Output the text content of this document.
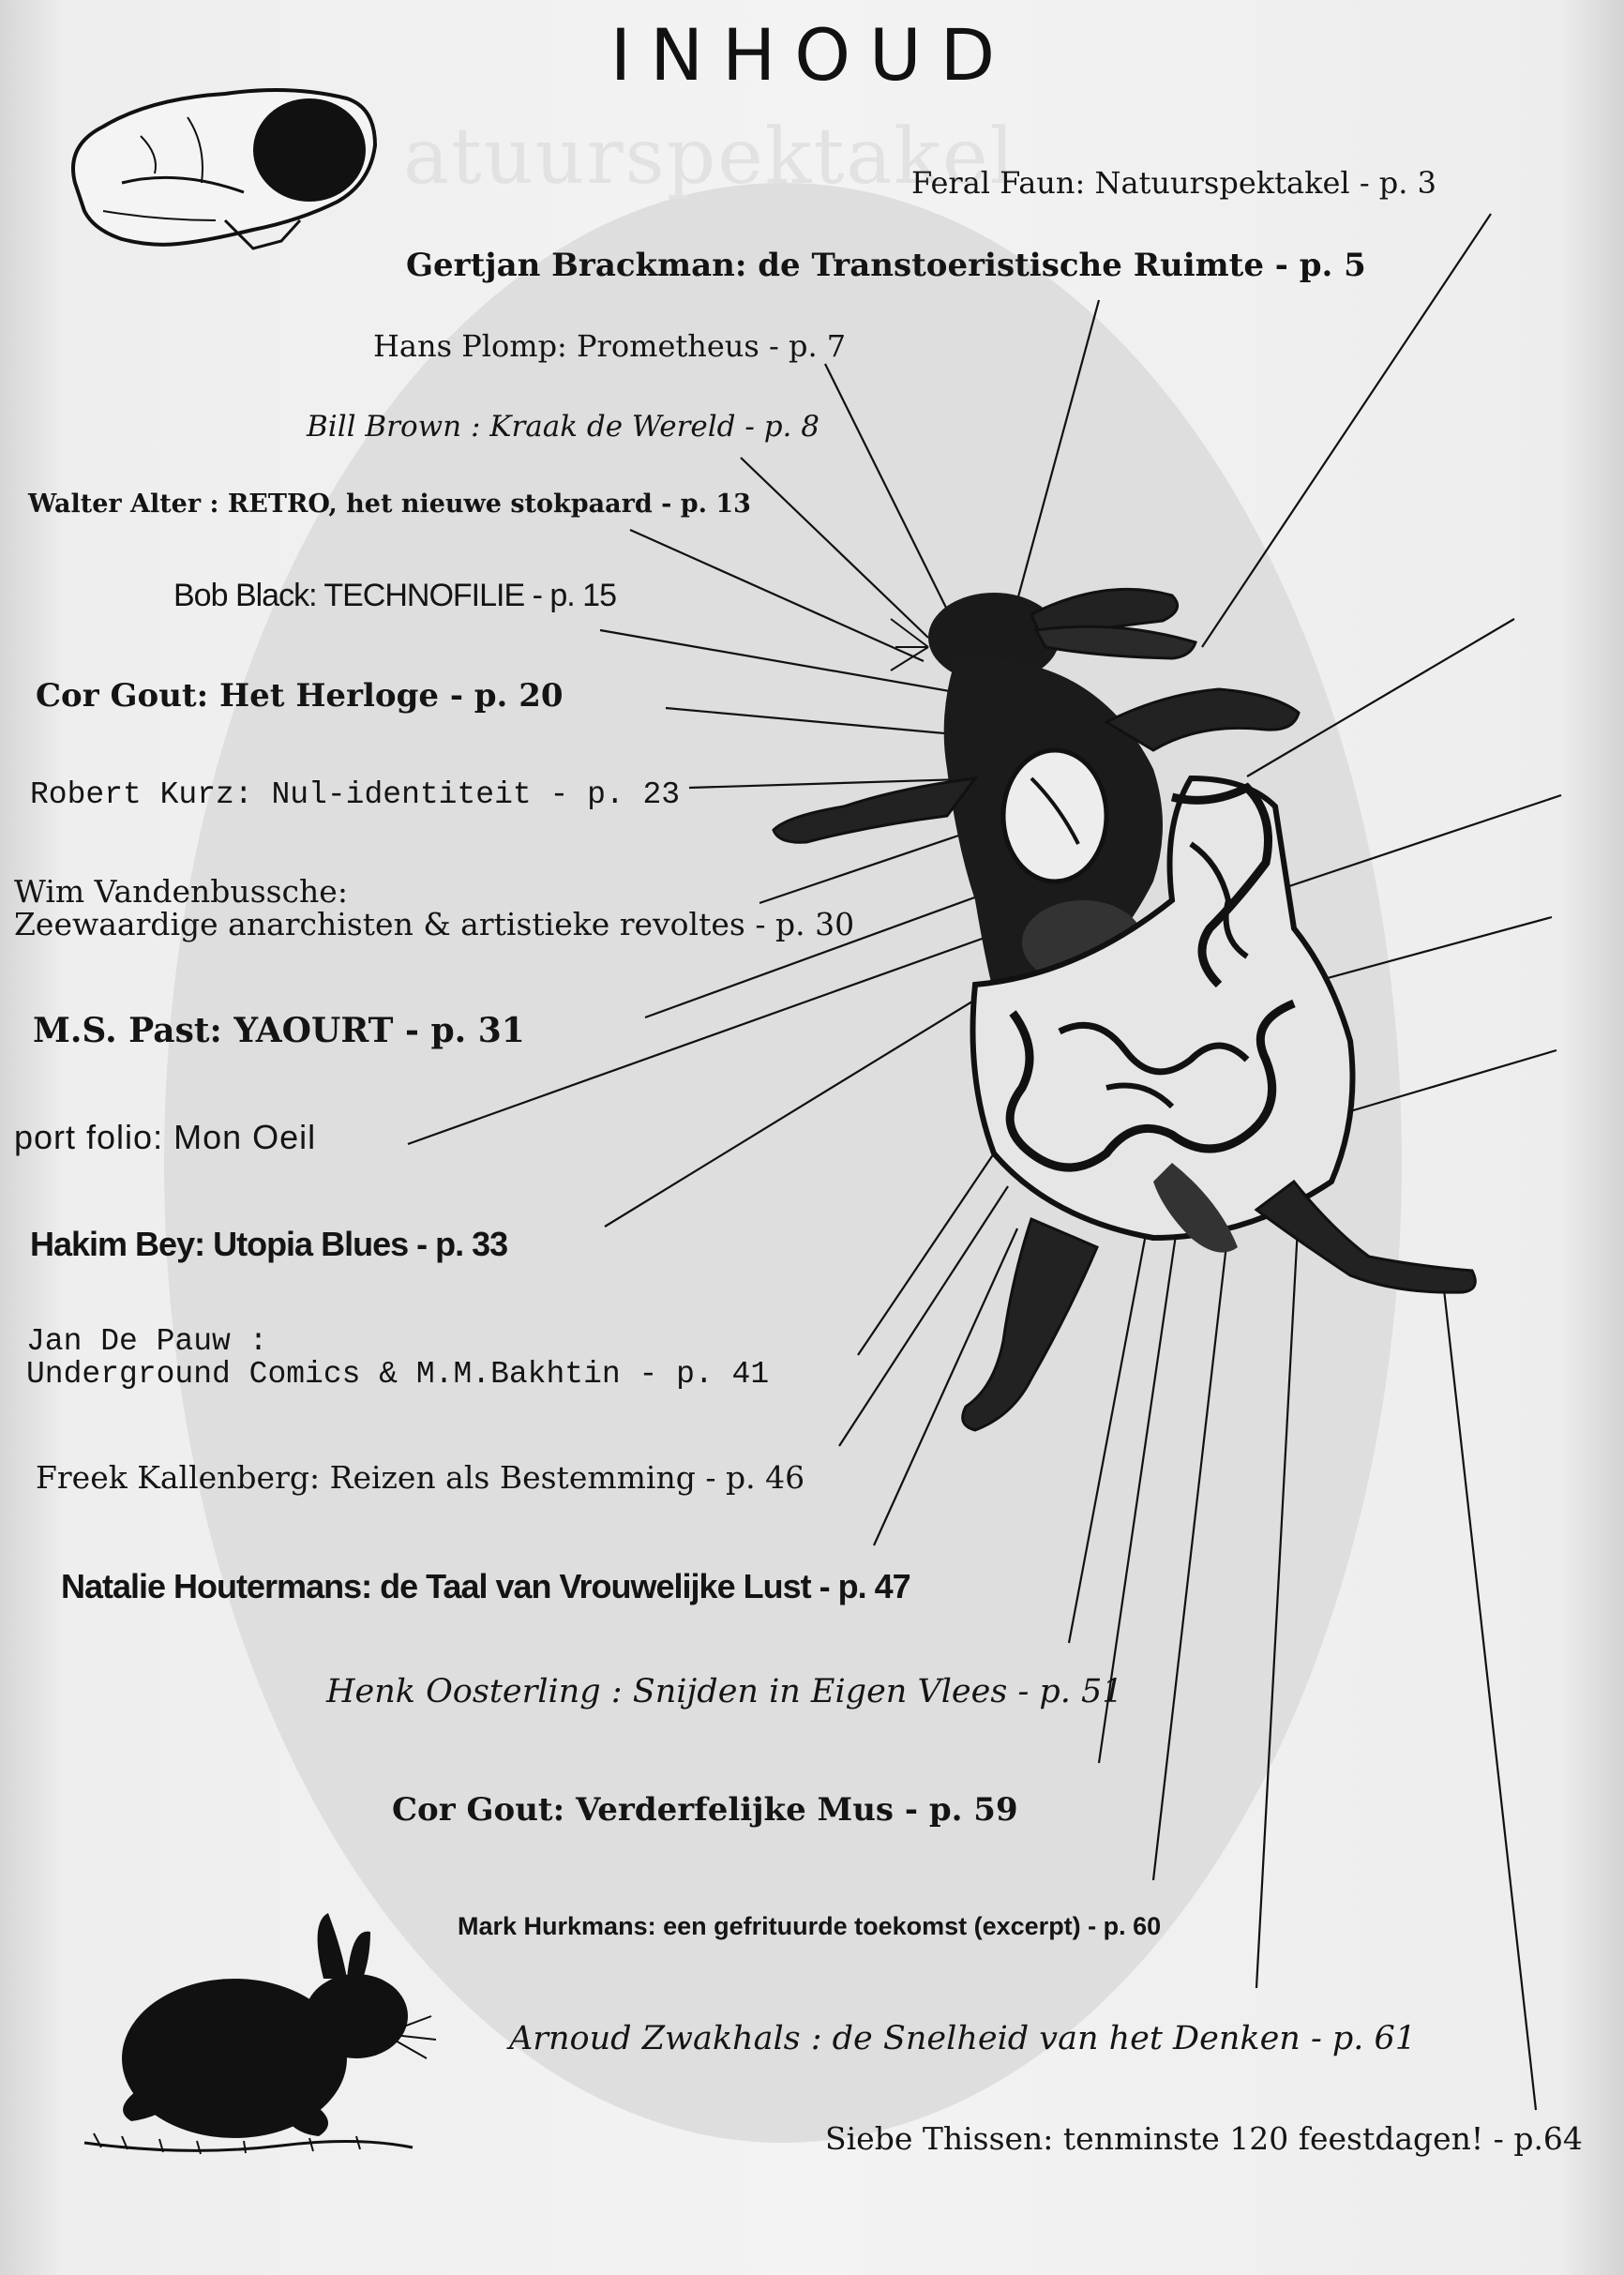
atuurspektakel
INHOUD
Feral Faun: Natuurspektakel - p. 3
Gertjan Brackman: de Transtoeristische Ruimte - p. 5
Hans Plomp: Prometheus - p. 7
Bill Brown : Kraak de Wereld - p. 8
Walter Alter : RETRO, het nieuwe stokpaard - p. 13
Bob Black: TECHNOFILIE - p. 15
Cor Gout: Het Herloge - p. 20
Robert Kurz: Nul-identiteit - p. 23
Wim Vandenbussche:
Zeewaardige anarchisten & artistieke revoltes - p. 30
M.S. Past: YAOURT - p. 31
port folio: Mon Oeil
Hakim Bey: Utopia Blues - p. 33
Jan De Pauw :
Underground Comics & M.M.Bakhtin - p. 41
Freek Kallenberg: Reizen als Bestemming - p. 46
Natalie Houtermans: de Taal van Vrouwelijke Lust - p. 47
Henk Oosterling : Snijden in Eigen Vlees - p. 51
Cor Gout: Verderfelijke Mus - p. 59
Mark Hurkmans: een gefrituurde toekomst (excerpt) - p. 60
Arnoud Zwakhals : de Snelheid van het Denken - p. 61
Siebe Thissen: tenminste 120 feestdagen! - p.64
